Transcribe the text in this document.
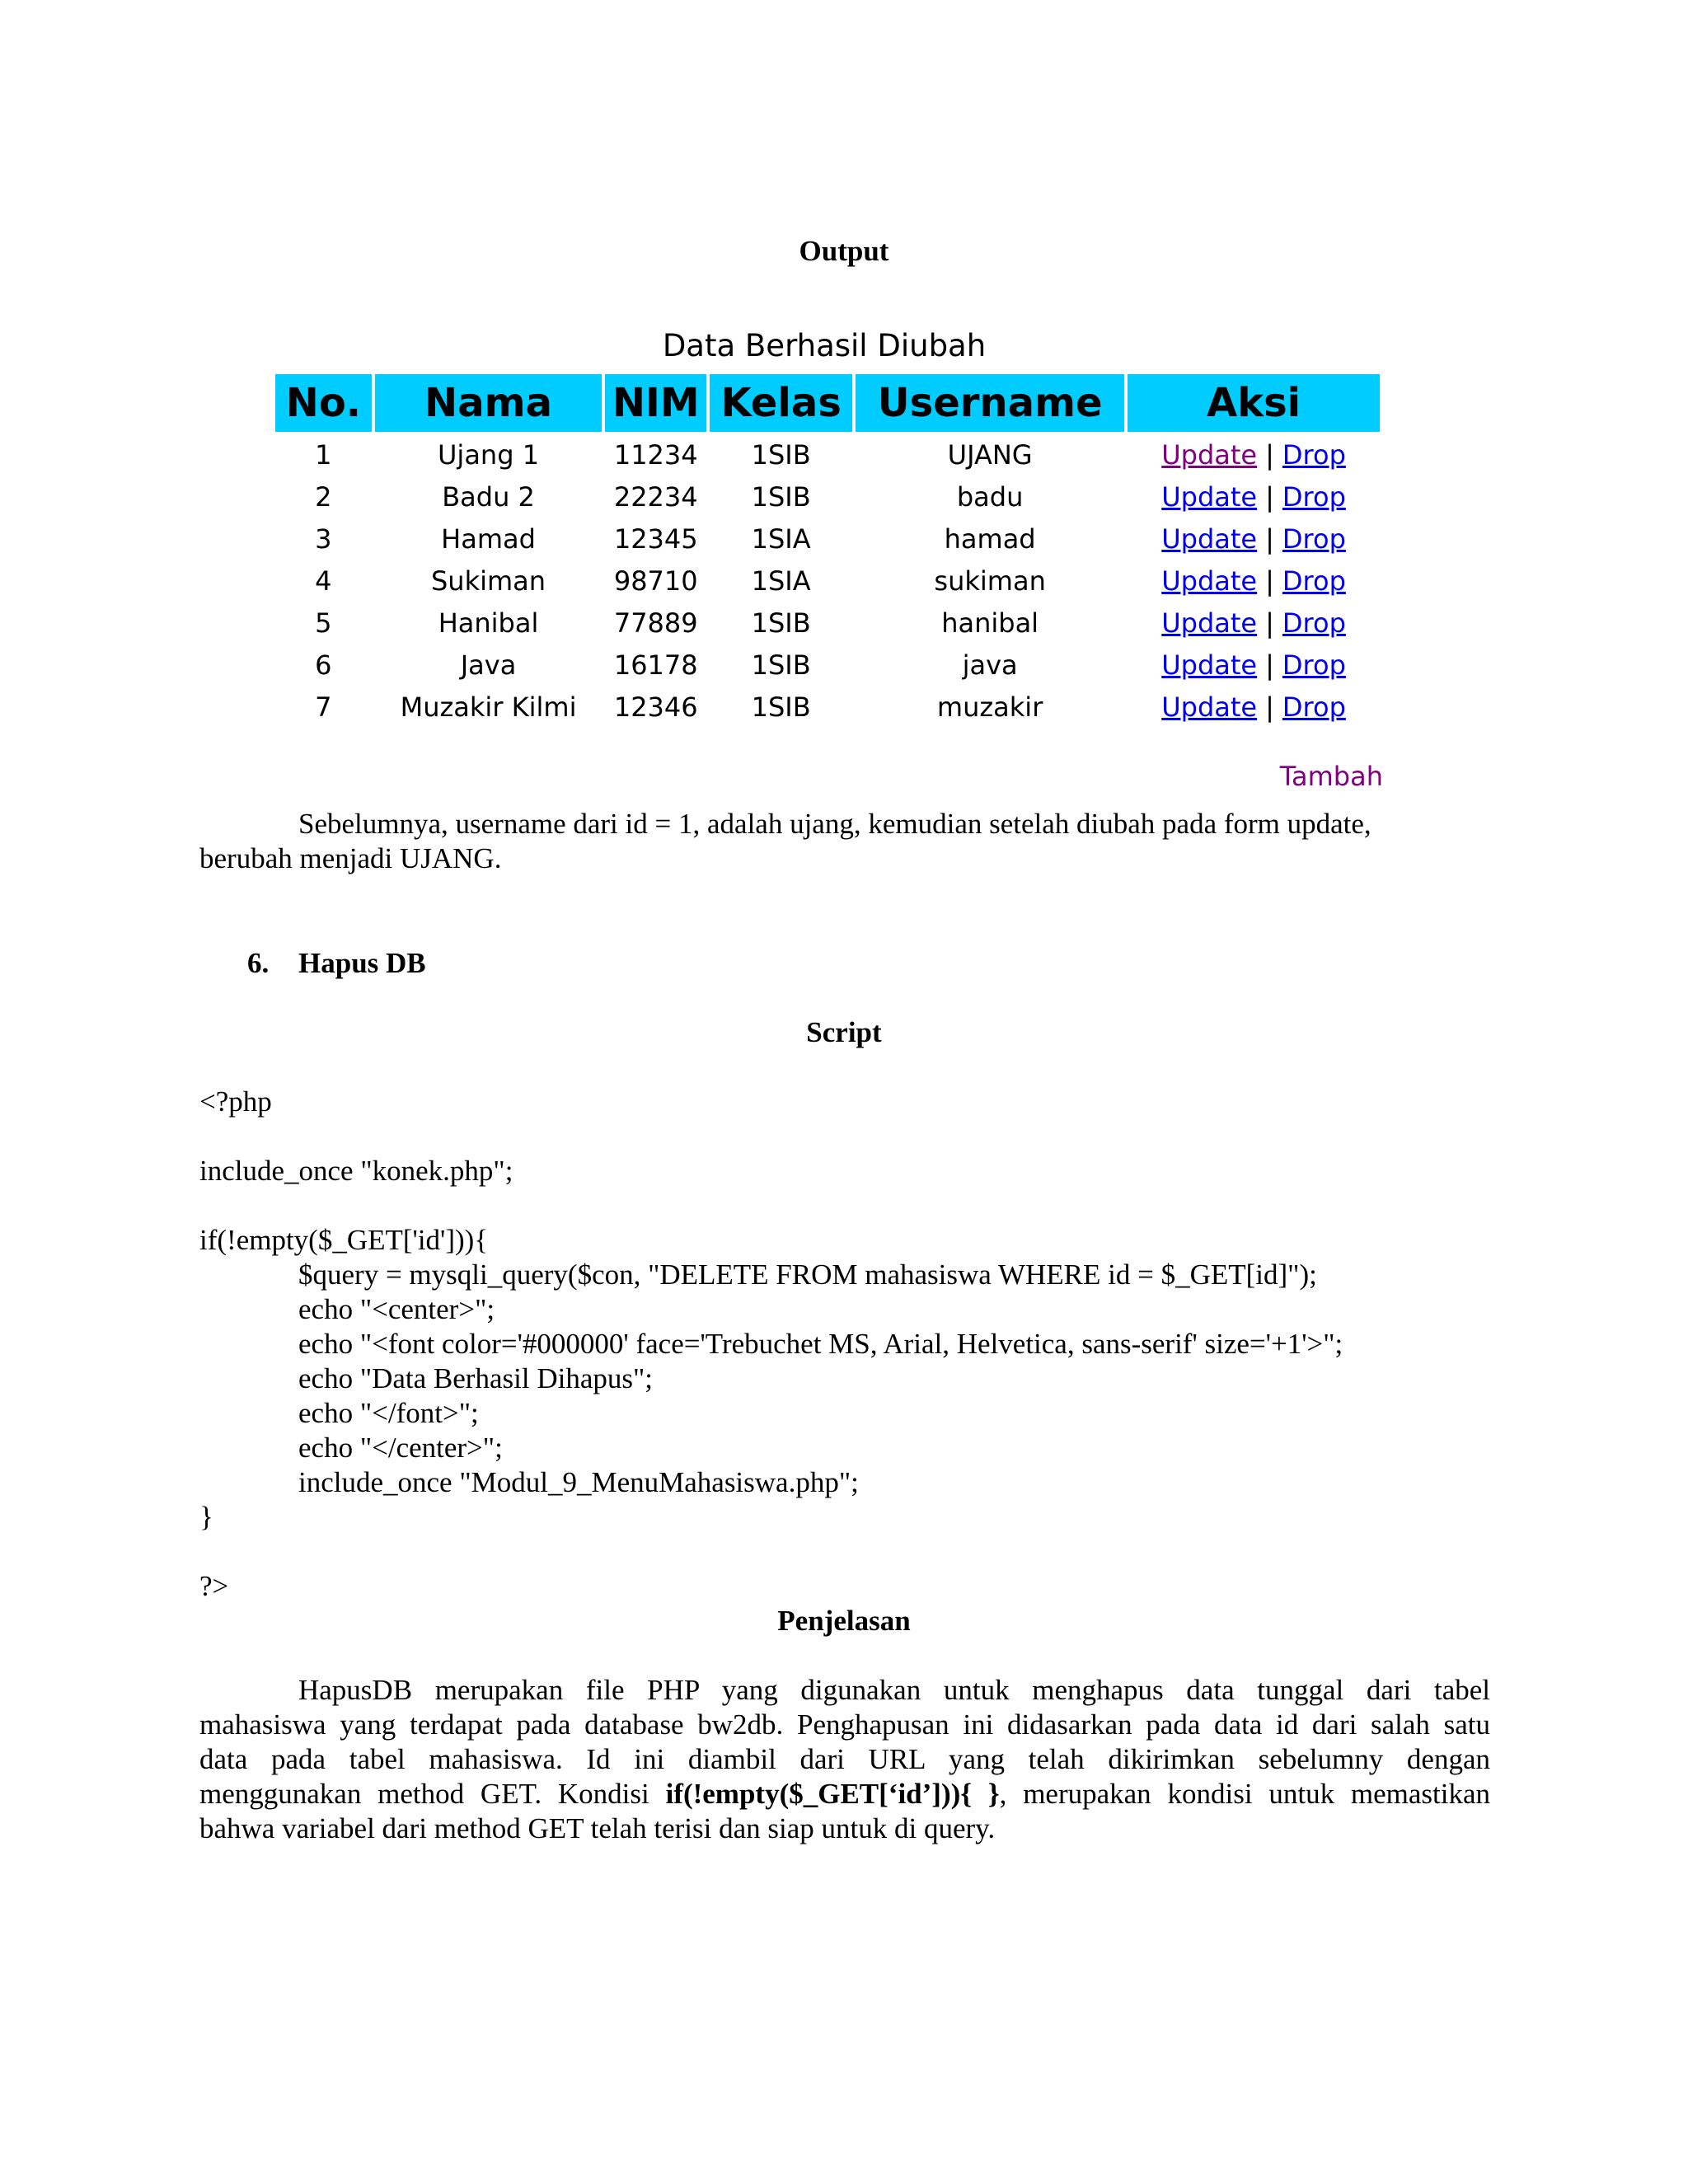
Output
Data Berhasil Diubah
No.	Nama	NIM	Kelas	Username	Aksi
1	Ujang 1	11234	1SIB	UJANG	Update | Drop
2	Badu 2	22234	1SIB	badu	Update | Drop
3	Hamad	12345	1SIA	hamad	Update | Drop
4	Sukiman	98710	1SIA	sukiman	Update | Drop
5	Hanibal	77889	1SIB	hanibal	Update | Drop
6	Java	16178	1SIB	java	Update | Drop
7	Muzakir Kilmi	12346	1SIB	muzakir	Update | Drop
Tambah

Sebelumnya, username dari id = 1, adalah ujang, kemudian setelah diubah pada form update,

berubah menjadi UJANG.

6. Hapus DB

Script

<?php

include_once "konek.php";

if(!empty($_GET['id'])){

$query = mysqli_query($con, "DELETE FROM mahasiswa WHERE id = $_GET[id]");

echo "<center>";

echo "<font color='#000000' face='Trebuchet MS, Arial, Helvetica, sans-serif' size='+1'>";

echo "Data Berhasil Dihapus";

echo "</font>";

echo "</center>";

include_once "Modul_9_MenuMahasiswa.php";

}

?>

Penjelasan

HapusDB merupakan file PHP yang digunakan untuk menghapus data tunggal dari tabel

mahasiswa yang terdapat pada database bw2db. Penghapusan ini didasarkan pada data id dari salah satu

data pada tabel mahasiswa. Id ini diambil dari URL yang telah dikirimkan sebelumny dengan

menggunakan method GET. Kondisi if(!empty($_GET[‘id’])){ }, merupakan kondisi untuk memastikan

bahwa variabel dari method GET telah terisi dan siap untuk di query.
